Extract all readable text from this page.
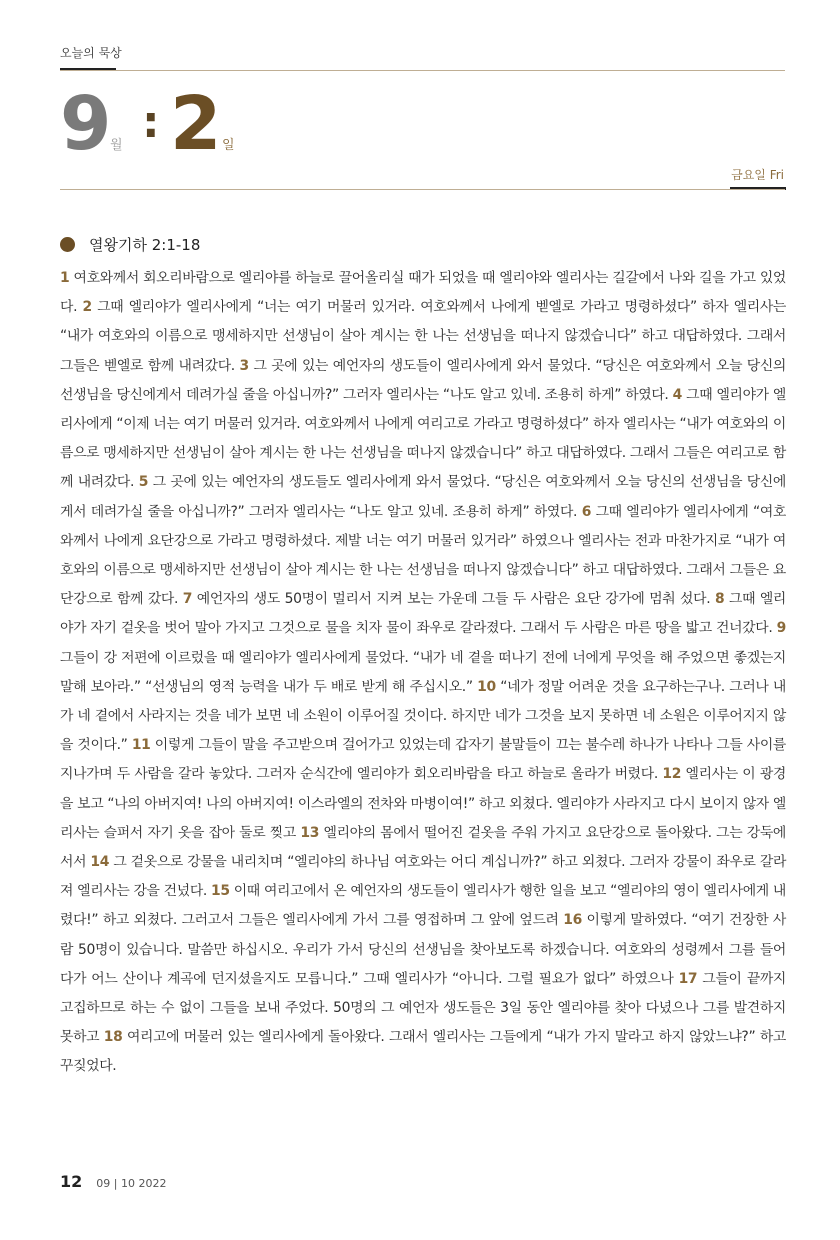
오늘의 묵상
9
월 : 2 일
금요일 Fri
열왕기하 2:1-18

1 여호와께서 회오리바람으로 엘리야를 하늘로 끌어올리실 때가 되었을 때 엘리야와 엘리사는 길갈에서 나와 길을 가고 있었다. 2 그때 엘리야가 엘리사에게 “너는 여기 머물러 있거라. 여호와께서 나에게 벧엘로 가라고 명령하셨다” 하자 엘리사는 “내가 여호와의 이름으로 맹세하지만 선생님이 살아 계시는 한 나는 선생님을 떠나지 않겠습니다” 하고 대답하였다. 그래서 그들은 벧엘로 함께 내려갔다. 3 그 곳에 있는 예언자의 생도들이 엘리사에게 와서 물었다. “당신은 여호와께서 오늘 당신의 선생님을 당신에게서 데려가실 줄을 아십니까?” 그러자 엘리사는 “나도 알고 있네. 조용히 하게” 하였다. 4 그때 엘리야가 엘리사에게 “이제 너는 여기 머물러 있거라. 여호와께서 나에게 여리고로 가라고 명령하셨다” 하자 엘리사는 “내가 여호와의 이름으로 맹세하지만 선생님이 살아 계시는 한 나는 선생님을 떠나지 않겠습니다” 하고 대답하였다. 그래서 그들은 여리고로 함께 내려갔다. 5 그 곳에 있는 예언자의 생도들도 엘리사에게 와서 물었다. “당신은 여호와께서 오늘 당신의 선생님을 당신에게서 데려가실 줄을 아십니까?” 그러자 엘리사는 “나도 알고 있네. 조용히 하게” 하였다. 6 그때 엘리야가 엘리사에게 “여호와께서 나에게 요단강으로 가라고 명령하셨다. 제발 너는 여기 머물러 있거라” 하였으나 엘리사는 전과 마찬가지로 “내가 여호와의 이름으로 맹세하지만 선생님이 살아 계시는 한 나는 선생님을 떠나지 않겠습니다” 하고 대답하였다. 그래서 그들은 요단강으로 함께 갔다. 7 예언자의 생도 50명이 멀리서 지켜 보는 가운데 그들 두 사람은 요단 강가에 멈춰 섰다. 8 그때 엘리야가 자기 겉옷을 벗어 말아 가지고 그것으로 물을 치자 물이 좌우로 갈라졌다. 그래서 두 사람은 마른 땅을 밟고 건너갔다. 9 그들이 강 저편에 이르렀을 때 엘리야가 엘리사에게 물었다. “내가 네 곁을 떠나기 전에 너에게 무엇을 해 주었으면 좋겠는지 말해 보아라.” “선생님의 영적 능력을 내가 두 배로 받게 해 주십시오.” 10 “네가 정말 어려운 것을 요구하는구나. 그러나 내가 네 곁에서 사라지는 것을 네가 보면 네 소원이 이루어질 것이다. 하지만 네가 그것을 보지 못하면 네 소원은 이루어지지 않을 것이다.” 11 이렇게 그들이 말을 주고받으며 걸어가고 있었는데 갑자기 불말들이 끄는 불수레 하나가 나타나 그들 사이를 지나가며 두 사람을 갈라 놓았다. 그러자 순식간에 엘리야가 회오리바람을 타고 하늘로 올라가 버렸다. 12 엘리사는 이 광경을 보고 “나의 아버지여! 나의 아버지여! 이스라엘의 전차와 마병이여!” 하고 외쳤다. 엘리야가 사라지고 다시 보이지 않자 엘리사는 슬퍼서 자기 옷을 잡아 둘로 찢고 13 엘리야의 몸에서 떨어진 겉옷을 주워 가지고 요단강으로 돌아왔다. 그는 강둑에 서서 14 그 겉옷으로 강물을 내리치며 “엘리야의 하나님 여호와는 어디 계십니까?” 하고 외쳤다. 그러자 강물이 좌우로 갈라져 엘리사는 강을 건넜다. 15 이때 여리고에서 온 예언자의 생도들이 엘리사가 행한 일을 보고 “엘리야의 영이 엘리사에게 내렸다!” 하고 외쳤다. 그러고서 그들은 엘리사에게 가서 그를 영접하며 그 앞에 엎드려 16 이렇게 말하였다. “여기 건장한 사람 50명이 있습니다. 말씀만 하십시오. 우리가 가서 당신의 선생님을 찾아보도록 하겠습니다. 여호와의 성령께서 그를 들어다가 어느 산이나 계곡에 던지셨을지도 모릅니다.” 그때 엘리사가 “아니다. 그럴 필요가 없다” 하였으나 17 그들이 끝까지 고집하므로 하는 수 없이 그들을 보내 주었다. 50명의 그 예언자 생도들은 3일 동안 엘리야를 찾아 다녔으나 그를 발견하지 못하고 18 여리고에 머물러 있는 엘리사에게 돌아왔다. 그래서 엘리사는 그들에게 “내가 가지 말라고 하지 않았느냐?” 하고 꾸짖었다.

12 09 | 10 2022
